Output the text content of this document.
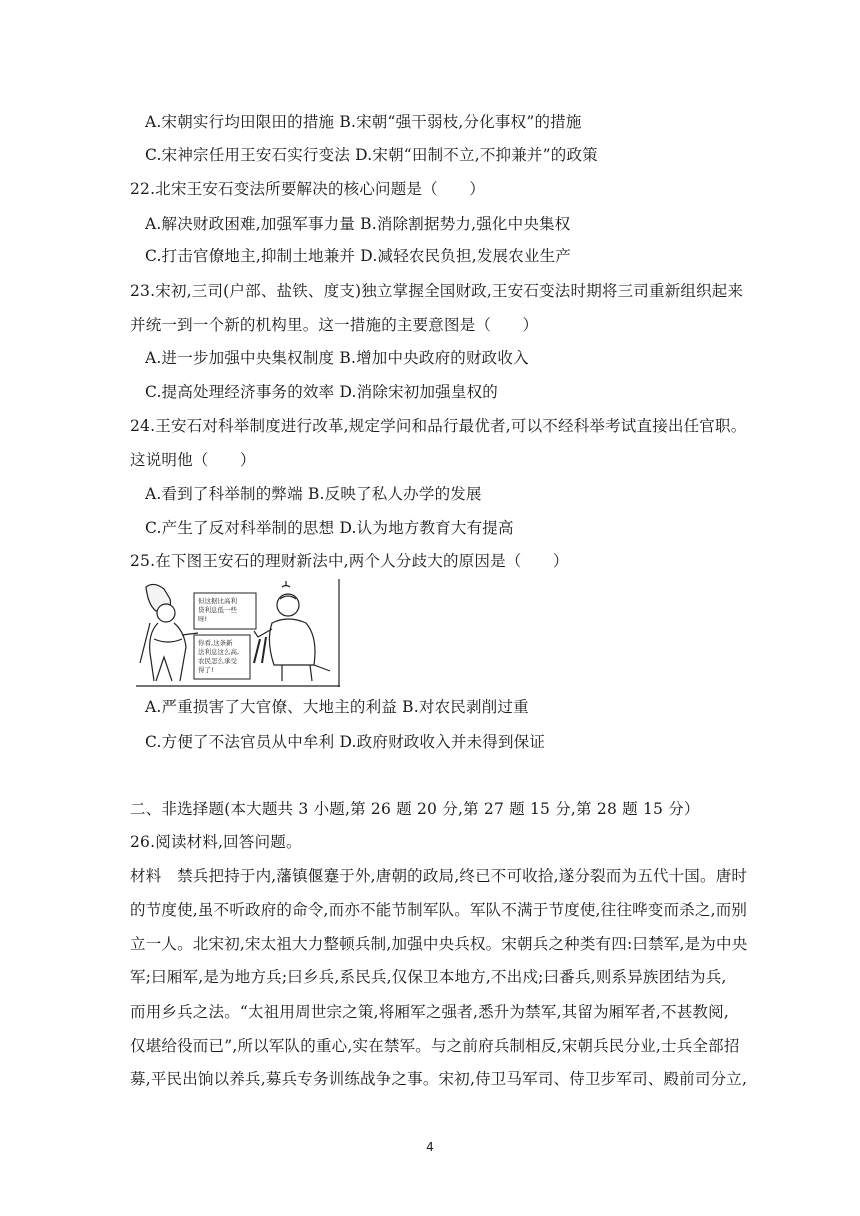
A.宋朝实行均田限田的措施 B.宋朝“强干弱枝,分化事权”的措施
C.宋神宗任用王安石实行变法 D.宋朝“田制不立,不抑兼并”的政策
22.北宋王安石变法所要解决的核心问题是（　　）
A.解决财政困难,加强军事力量 B.消除割据势力,强化中央集权
C.打击官僚地主,抑制土地兼并 D.减轻农民负担,发展农业生产
23.宋初,三司(户部、盐铁、度支)独立掌握全国财政,王安石变法时期将三司重新组织起来
并统一到一个新的机构里。这一措施的主要意图是（　　）
A.进一步加强中央集权制度 B.增加中央政府的财政收入
C.提高处理经济事务的效率 D.消除宋初加强皇权的
24.王安石对科举制度进行改革,规定学问和品行最优者,可以不经科举考试直接出任官职。
这说明他（　　）
A.看到了科举制的弊端 B.反映了私人办学的发展
C.产生了反对科举制的思想 D.认为地方教育大有提高
25.在下图王安石的理财新法中,两个人分歧大的原因是（　　）
但这据比高利
贷利息低一些
呀!
你看,这条新
法利息这么高,
农民怎么承受
得了!
A.严重损害了大官僚、大地主的利益 B.对农民剥削过重
C.方便了不法官员从中牟利 D.政府财政收入并未得到保证
二、非选择题(本大题共 3 小题,第 26 题 20 分,第 27 题 15 分,第 28 题 15 分）
26.阅读材料,回答问题。
材料　禁兵把持于内,藩镇偃蹇于外,唐朝的政局,终已不可收拾,遂分裂而为五代十国。唐时
的节度使,虽不听政府的命令,而亦不能节制军队。军队不满于节度使,往往哗变而杀之,而别
立一人。北宋初,宋太祖大力整顿兵制,加强中央兵权。宋朝兵之种类有四:曰禁军,是为中央
军;曰厢军,是为地方兵;曰乡兵,系民兵,仅保卫本地方,不出戍;曰番兵,则系异族团结为兵,
而用乡兵之法。“太祖用周世宗之策,将厢军之强者,悉升为禁军,其留为厢军者,不甚教阅,
仅堪给役而已”,所以军队的重心,实在禁军。与之前府兵制相反,宋朝兵民分业,士兵全部招
募,平民出饷以养兵,募兵专务训练战争之事。宋初,侍卫马军司、侍卫步军司、殿前司分立,
4
